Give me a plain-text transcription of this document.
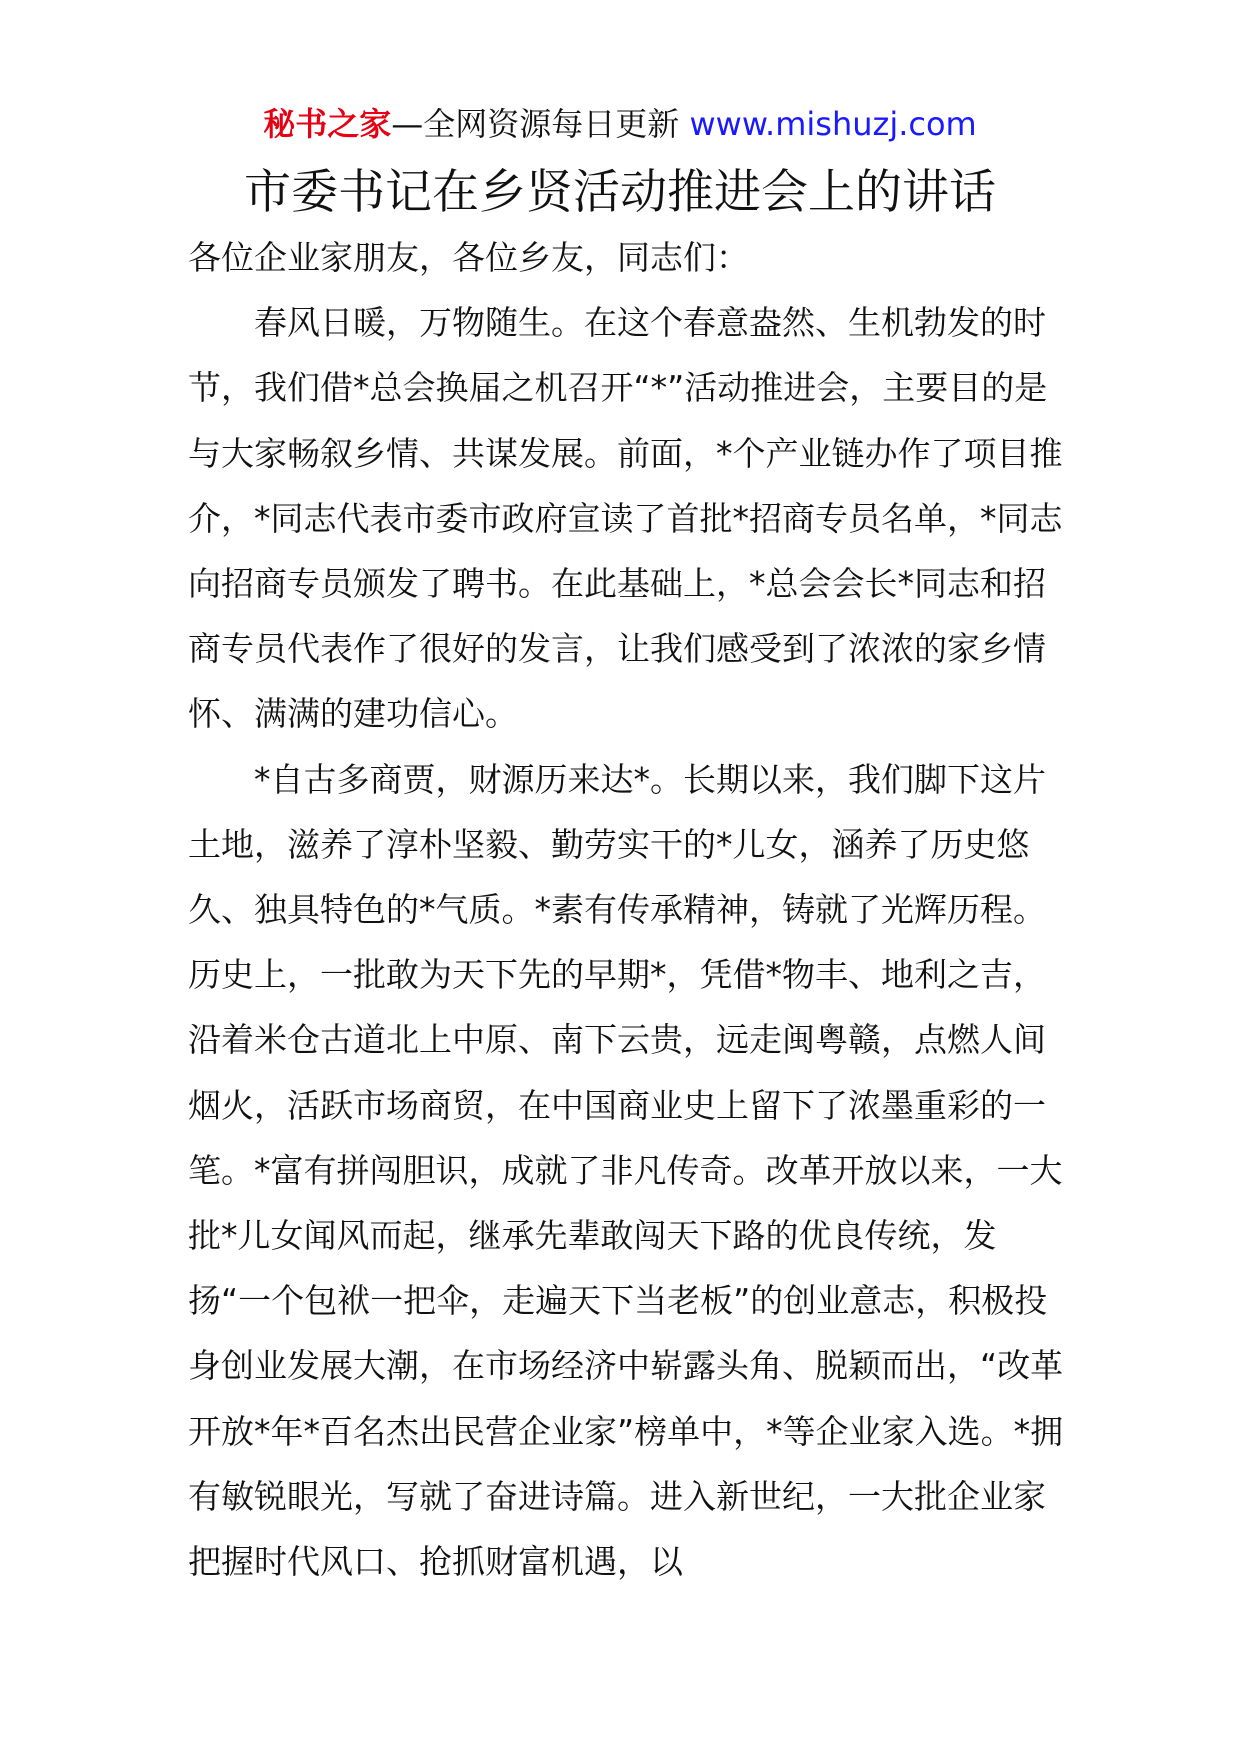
秘书之家—全网资源每日更新 www.mishuzj.com
市委书记在乡贤活动推进会上的讲话

各位企业家朋友，各位乡友，同志们：

春风日暖，万物随生。在这个春意盎然、生机勃发的时节，我们借*总会换届之机召开“*”活动推进会，主要目的是与大家畅叙乡情、共谋发展。前面，*个产业链办作了项目推介，*同志代表市委市政府宣读了首批*招商专员名单，*同志向招商专员颁发了聘书。在此基础上，*总会会长*同志和招商专员代表作了很好的发言，让我们感受到了浓浓的家乡情怀、满满的建功信心。

*自古多商贾，财源历来达*。长期以来，我们脚下这片土地，滋养了淳朴坚毅、勤劳实干的*儿女，涵养了历史悠久、独具特色的*气质。*素有传承精神，铸就了光辉历程。历史上，一批敢为天下先的早期*，凭借*物丰、地利之吉，沿着米仓古道北上中原、南下云贵，远走闽粤赣，点燃人间烟火，活跃市场商贸，在中国商业史上留下了浓墨重彩的一笔。*富有拼闯胆识，成就了非凡传奇。改革开放以来，一大批*儿女闻风而起，继承先辈敢闯天下路的优良传统，发扬“一个包袱一把伞，走遍天下当老板”的创业意志，积极投身创业发展大潮，在市场经济中崭露头角、脱颖而出，“改革开放*年*百名杰出民营企业家”榜单中，*等企业家入选。*拥有敏锐眼光，写就了奋进诗篇。进入新世纪，一大批企业家把握时代风口、抢抓财富机遇，以
